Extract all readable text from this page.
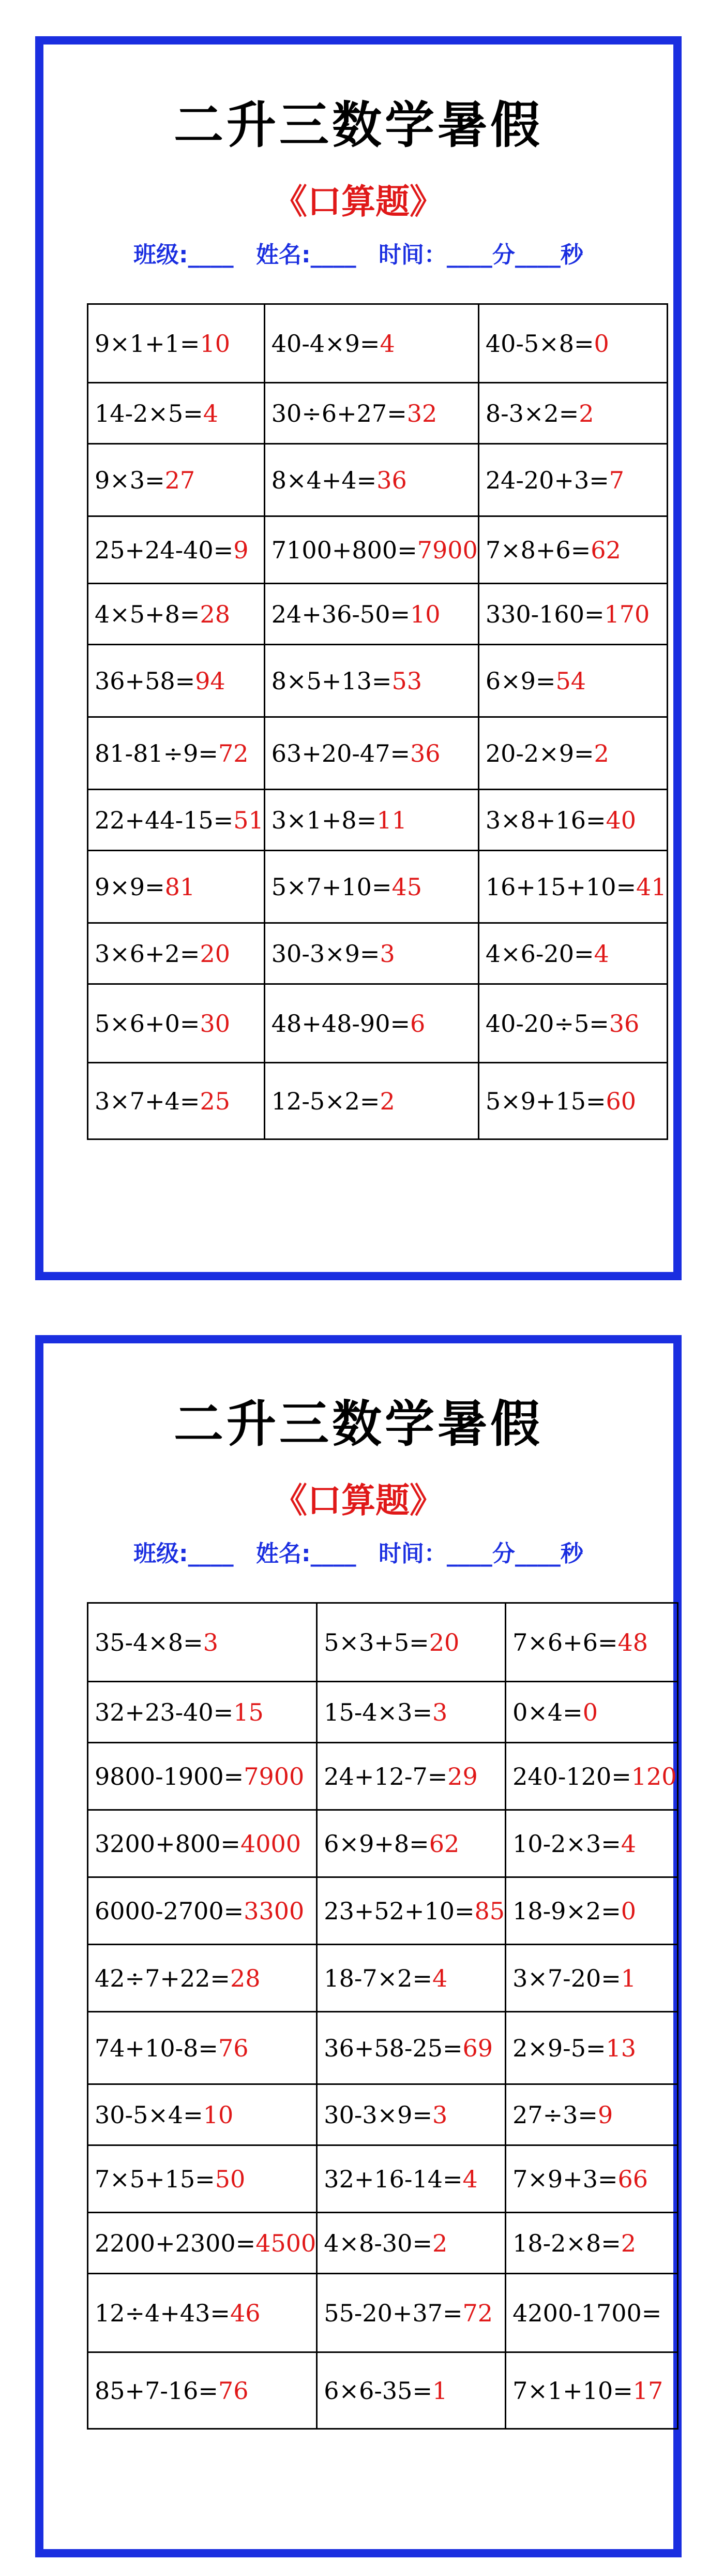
二升三数学暑假
《口算题》
班级:____ 姓名:____ 时间：____分____秒
9×1+1=10	40-4×9=4	40-5×8=0
14-2×5=4	30÷6+27=32	8-3×2=2
9×3=27	8×4+4=36	24-20+3=7
25+24-40=9	7100+800=7900	7×8+6=62
4×5+8=28	24+36-50=10	330-160=170
36+58=94	8×5+13=53	6×9=54
81-81÷9=72	63+20-47=36	20-2×9=2
22+44-15=51	3×1+8=11	3×8+16=40
9×9=81	5×7+10=45	16+15+10=41
3×6+2=20	30-3×9=3	4×6-20=4
5×6+0=30	48+48-90=6	40-20÷5=36
3×7+4=25	12-5×2=2	5×9+15=60
二升三数学暑假
《口算题》
班级:____ 姓名:____ 时间：____分____秒
35-4×8=3	5×3+5=20	7×6+6=48
32+23-40=15	15-4×3=3	0×4=0
9800-1900=7900	24+12-7=29	240-120=120
3200+800=4000	6×9+8=62	10-2×3=4
6000-2700=3300	23+52+10=85	18-9×2=0
42÷7+22=28	18-7×2=4	3×7-20=1
74+10-8=76	36+58-25=69	2×9-5=13
30-5×4=10	30-3×9=3	27÷3=9
7×5+15=50	32+16-14=4	7×9+3=66
2200+2300=4500	4×8-30=2	18-2×8=2
12÷4+43=46	55-20+37=72	4200-1700=
85+7-16=76	6×6-35=1	7×1+10=17
